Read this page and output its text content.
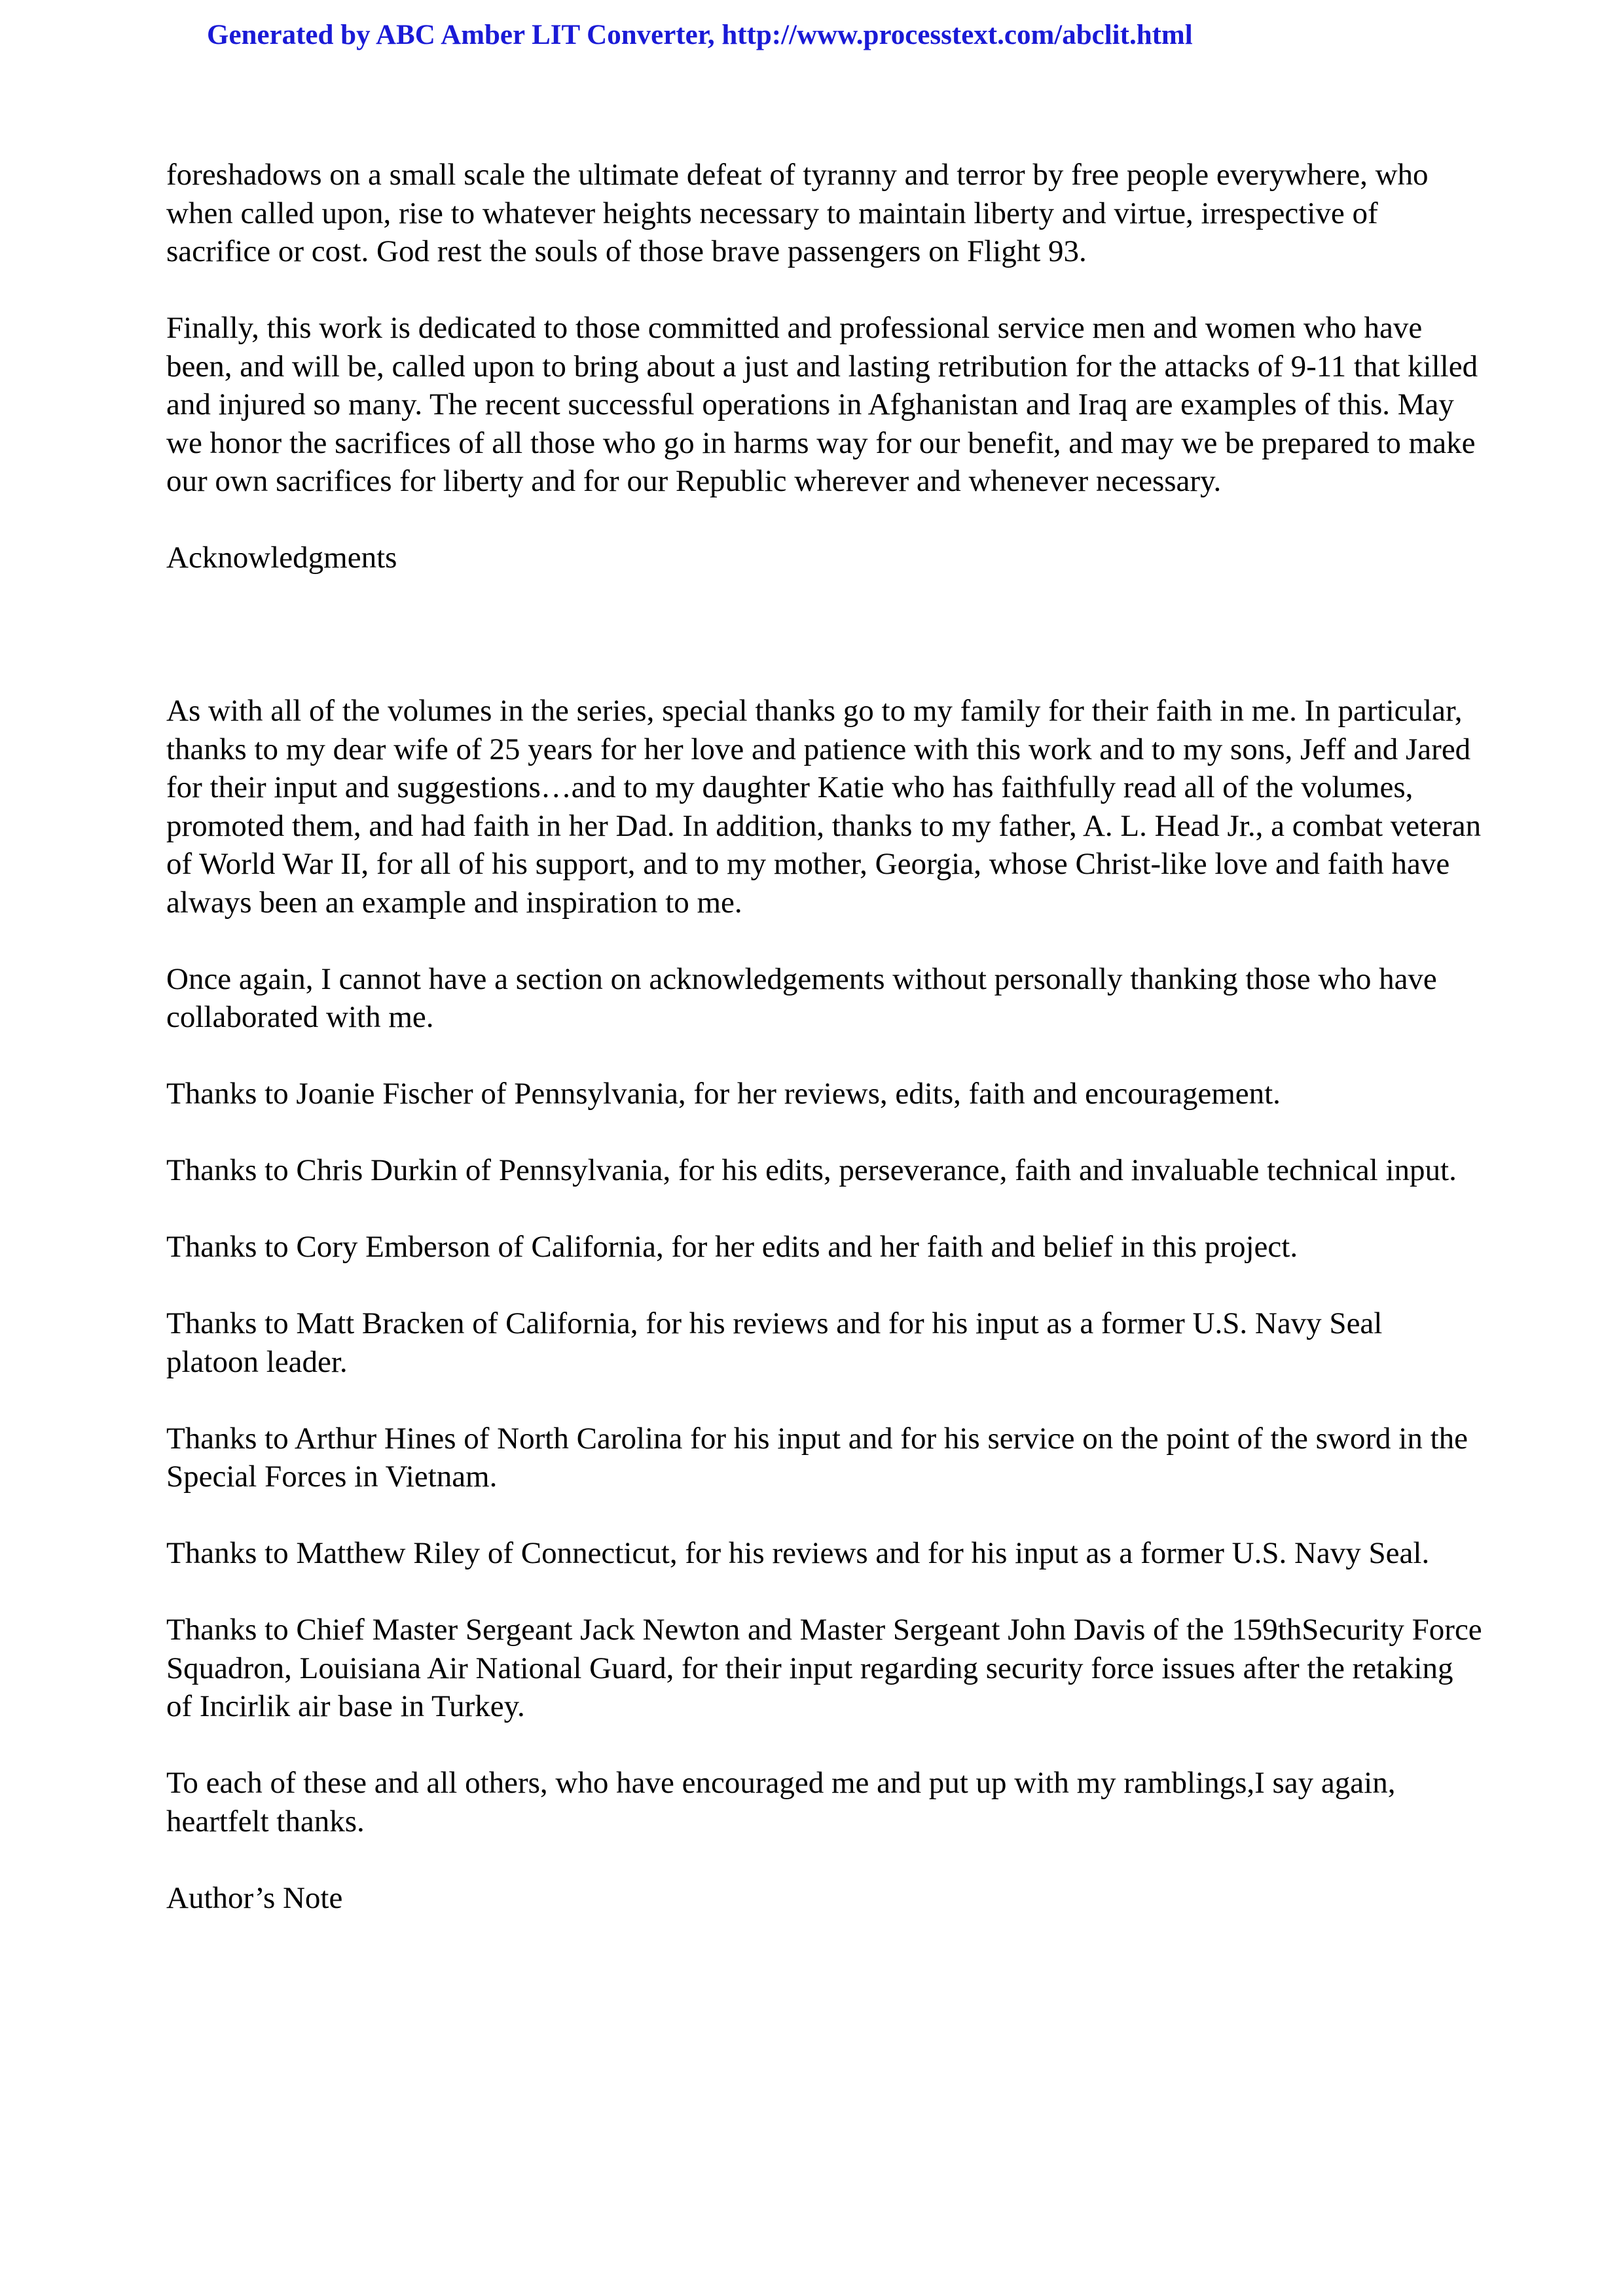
Generated by ABC Amber LIT Converter, http://www.processtext.com/abclit.html

foreshadows on a small scale the ultimate defeat of tyranny and terror by free people everywhere, who when called upon, rise to whatever heights necessary to maintain liberty and virtue, irrespective of sacrifice or cost. God rest the souls of those brave passengers on Flight 93.

Finally, this work is dedicated to those committed and professional service men and women who have been, and will be, called upon to bring about a just and lasting retribution for the attacks of 9-11 that killed and injured so many. The recent successful operations in Afghanistan and Iraq are examples of this. May we honor the sacrifices of all those who go in harms way for our benefit, and may we be prepared to make our own sacrifices for liberty and for our Republic wherever and whenever necessary.

Acknowledgments

As with all of the volumes in the series, special thanks go to my family for their faith in me. In particular, thanks to my dear wife of 25 years for her love and patience with this work and to my sons, Jeff and Jared for their input and suggestions…and to my daughter Katie who has faithfully read all of the volumes, promoted them, and had faith in her Dad. In addition, thanks to my father, A. L. Head Jr., a combat veteran of World War II, for all of his support, and to my mother, Georgia, whose Christ-like love and faith have always been an example and inspiration to me.

Once again, I cannot have a section on acknowledgements without personally thanking those who have collaborated with me.

Thanks to Joanie Fischer of Pennsylvania, for her reviews, edits, faith and encouragement.

Thanks to Chris Durkin of Pennsylvania, for his edits, perseverance, faith and invaluable technical input.

Thanks to Cory Emberson of California, for her edits and her faith and belief in this project.

Thanks to Matt Bracken of California, for his reviews and for his input as a former U.S. Navy Seal platoon leader.

Thanks to Arthur Hines of North Carolina for his input and for his service on the point of the sword in the Special Forces in Vietnam.

Thanks to Matthew Riley of Connecticut, for his reviews and for his input as a former U.S. Navy Seal.

Thanks to Chief Master Sergeant Jack Newton and Master Sergeant John Davis of the 159thSecurity Force Squadron, Louisiana Air National Guard, for their input regarding security force issues after the retaking of Incirlik air base in Turkey.

To each of these and all others, who have encouraged me and put up with my ramblings,I say again, heartfelt thanks.

Author’s Note
